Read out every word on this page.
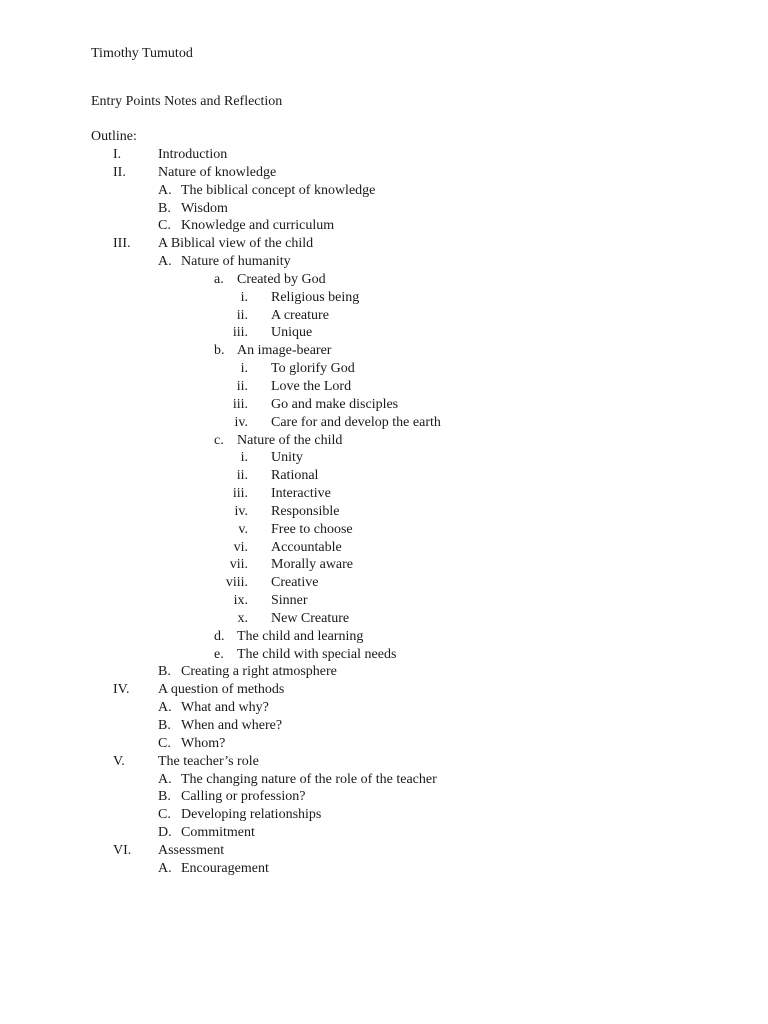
Timothy Tumutod
Entry Points Notes and Reflection
Outline:
I.	Introduction
II. Nature of knowledge
A. The biblical concept of knowledge
B. Wisdom
C. Knowledge and curriculum
III. A Biblical view of the child
A. Nature of humanity
a. Created by God
i. Religious being
ii. A creature
iii. Unique
b. An image-bearer
i. To glorify God
ii. Love the Lord
iii. Go and make disciples
iv. Care for and develop the earth
c. Nature of the child
i. Unity
ii. Rational
iii. Interactive
iv. Responsible
v. Free to choose
vi. Accountable
vii. Morally aware
viii. Creative
ix. Sinner
x. New Creature
d. The child and learning
e. The child with special needs
B. Creating a right atmosphere
IV. A question of methods
A. What and why?
B. When and where?
C. Whom?
V. The teacher’s role
A. The changing nature of the role of the teacher
B. Calling or profession?
C. Developing relationships
D. Commitment
VI. Assessment
A. Encouragement
